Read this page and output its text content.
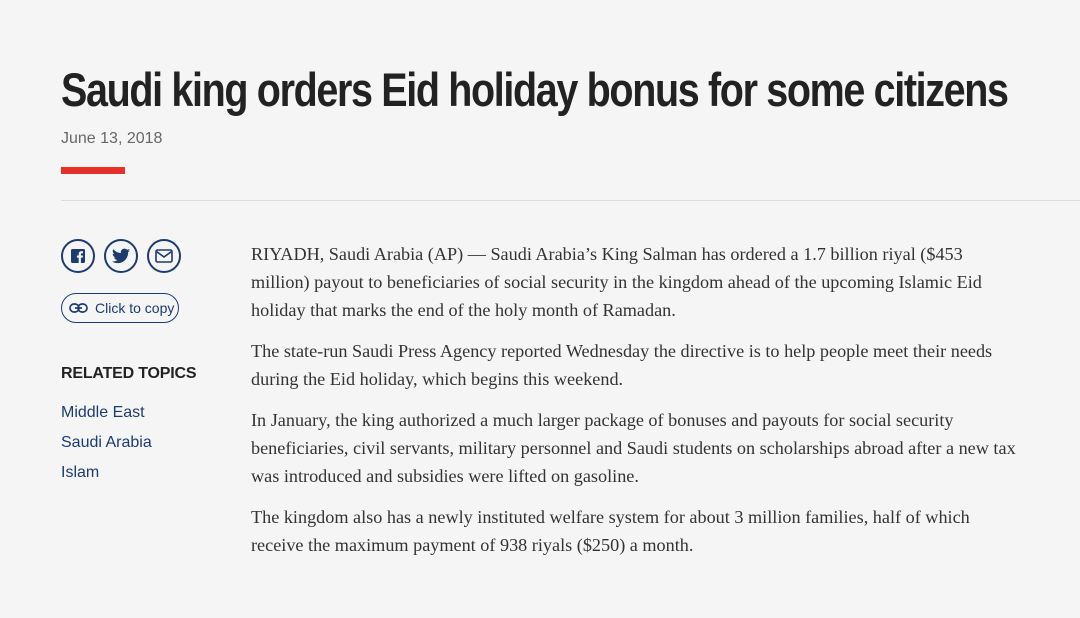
Saudi king orders Eid holiday bonus for some citizens
June 13, 2018
Click to copy
RELATED TOPICS
Middle East
Saudi Arabia
Islam

RIYADH, Saudi Arabia (AP) — Saudi Arabia’s King Salman has ordered a 1.7 billion riyal ($453 million) payout to beneficiaries of social security in the kingdom ahead of the upcoming Islamic Eid holiday that marks the end of the holy month of Ramadan.

The state-run Saudi Press Agency reported Wednesday the directive is to help people meet their needs during the Eid holiday, which begins this weekend.

In January, the king authorized a much larger package of bonuses and payouts for social security beneficiaries, civil servants, military personnel and Saudi students on scholarships abroad after a new tax was introduced and subsidies were lifted on gasoline.

The kingdom also has a newly instituted welfare system for about 3 million families, half of which receive the maximum payment of 938 riyals ($250) a month.
